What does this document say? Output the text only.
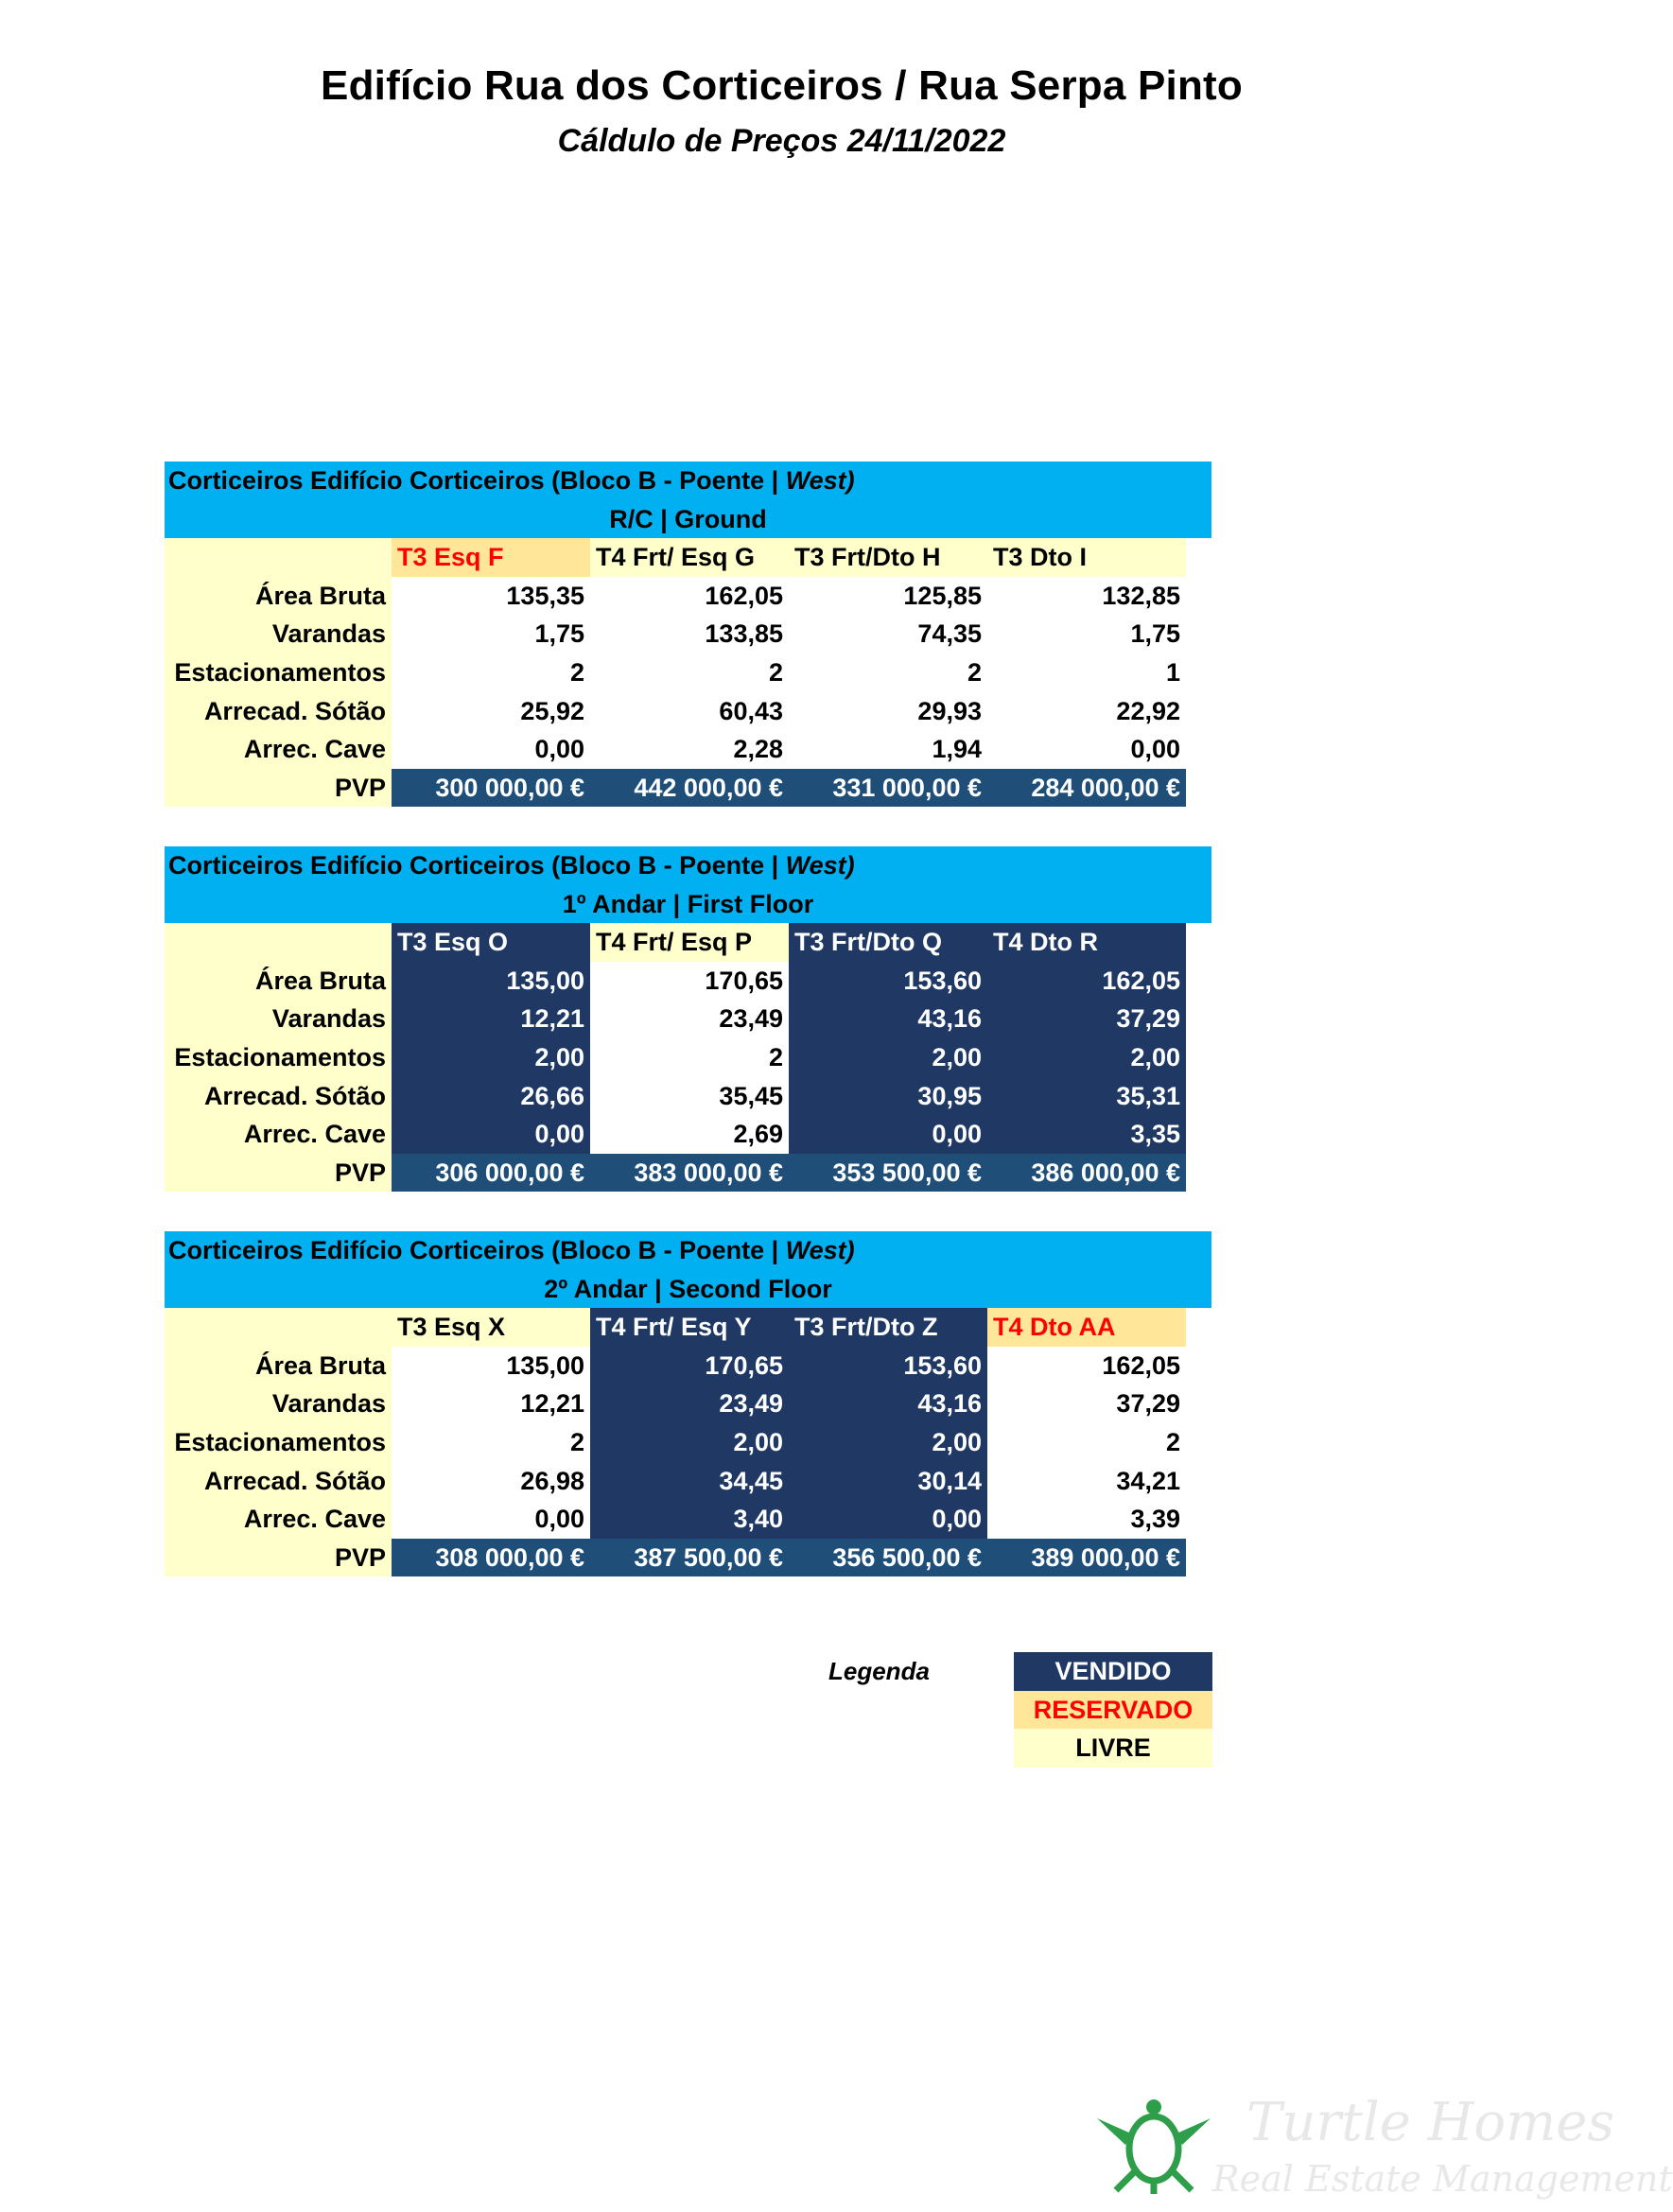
Edifício Rua dos Corticeiros / Rua Serpa Pinto
Cáldulo de Preços 24/11/2022
Corticeiros Edifício Corticeiros (Bloco B - Poente | West)
R/C | Ground
T3 Esq F	T4 Frt/ Esq G	T3 Frt/Dto H	T3 Dto I
Área Bruta	135,35	162,05	125,85	132,85
Varandas	1,75	133,85	74,35	1,75
Estacionamentos	2	2	2	1
Arrecad. Sótão	25,92	60,43	29,93	22,92
Arrec. Cave	0,00	2,28	1,94	0,00
PVP	300 000,00 €	442 000,00 €	331 000,00 €	284 000,00 €
Corticeiros Edifício Corticeiros (Bloco B - Poente | West)
1º Andar | First Floor
T3 Esq O	T4 Frt/ Esq P	T3 Frt/Dto Q	T4 Dto R
Área Bruta	135,00	170,65	153,60	162,05
Varandas	12,21	23,49	43,16	37,29
Estacionamentos	2,00	2	2,00	2,00
Arrecad. Sótão	26,66	35,45	30,95	35,31
Arrec. Cave	0,00	2,69	0,00	3,35
PVP	306 000,00 €	383 000,00 €	353 500,00 €	386 000,00 €
Corticeiros Edifício Corticeiros (Bloco B - Poente | West)
2º Andar | Second Floor
T3 Esq X	T4 Frt/ Esq Y	T3 Frt/Dto Z	T4 Dto AA
Área Bruta	135,00	170,65	153,60	162,05
Varandas	12,21	23,49	43,16	37,29
Estacionamentos	2	2,00	2,00	2
Arrecad. Sótão	26,98	34,45	30,14	34,21
Arrec. Cave	0,00	3,40	0,00	3,39
PVP	308 000,00 €	387 500,00 €	356 500,00 €	389 000,00 €
Legenda	VENDIDO
RESERVADO
LIVRE
Turtle Homes
Real Estate Management
